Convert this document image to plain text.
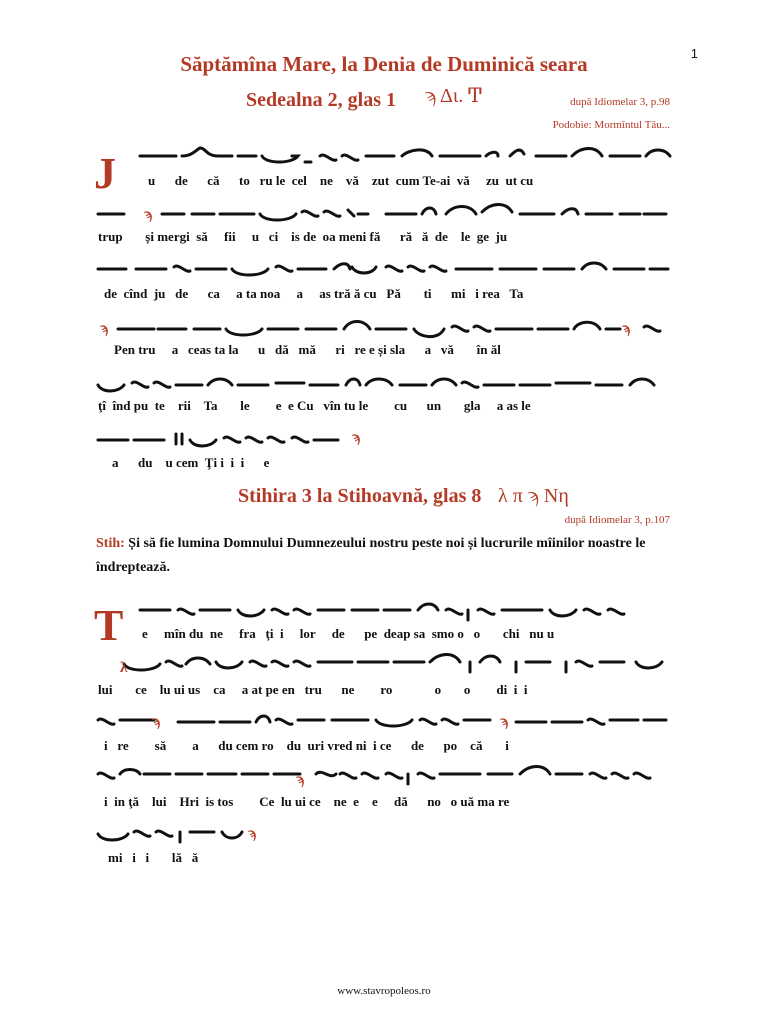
1
Săptămîna Mare, la Denia de Duminică seara
Sedealna 2, glas 1 ϡ Δι. Ͳ	după Idiomelar 3, p.98
Podobie: Mormîntul Tău...
J u      de      că      to   ru le  cel    ne    vă    zut  cum Te-ai  vă     zu  ut cu
ϡ
trup       și mergi  să     fii     u   ci    is de  oa meni fă      ră   ă  de    le  ge  ju
de  cînd  ju   de      ca     a ta noa     a     as tră ă cu   Pă       ti      mi   i rea   Ta
ϡ	ϡ
Pen tru     a   ceas ta la      u   dă   mă      ri   re e și sla      a   vă       în ăl
ţî  înd pu  te    rii    Ta       le        e  e Cu   vîn tu le        cu      un       gla     a as le
ϡ
a      du    u cem  Ţi i  i  i      e
Stihira 3 la Stihoavnă, glas 8 λ π ϡ Nη
după Idiomelar 3, p.107
Stih: Și să fie lumina Domnului Dumnezeului nostru peste noi și lucrurile mîinilor noastre le îndreptează.
T e     mîn du  ne     fra   ţi  i     lor     de      pe  deap sa  smo o   o       chi   nu u
λ
lui       ce    lu ui us    ca     a at pe en   tru      ne        ro             o       o        di  i  i
ϡ	ϡ
i   re        să        a      du cem ro    du  uri vred ni  i ce      de      po    că       i
ϡ
i  in ţă    lui    Hri  is tos        Ce  lu ui ce    ne  e    e     dă      no   o uă ma re
ϡ
mi   i   i       lă   ă
www.stavropoleos.ro
